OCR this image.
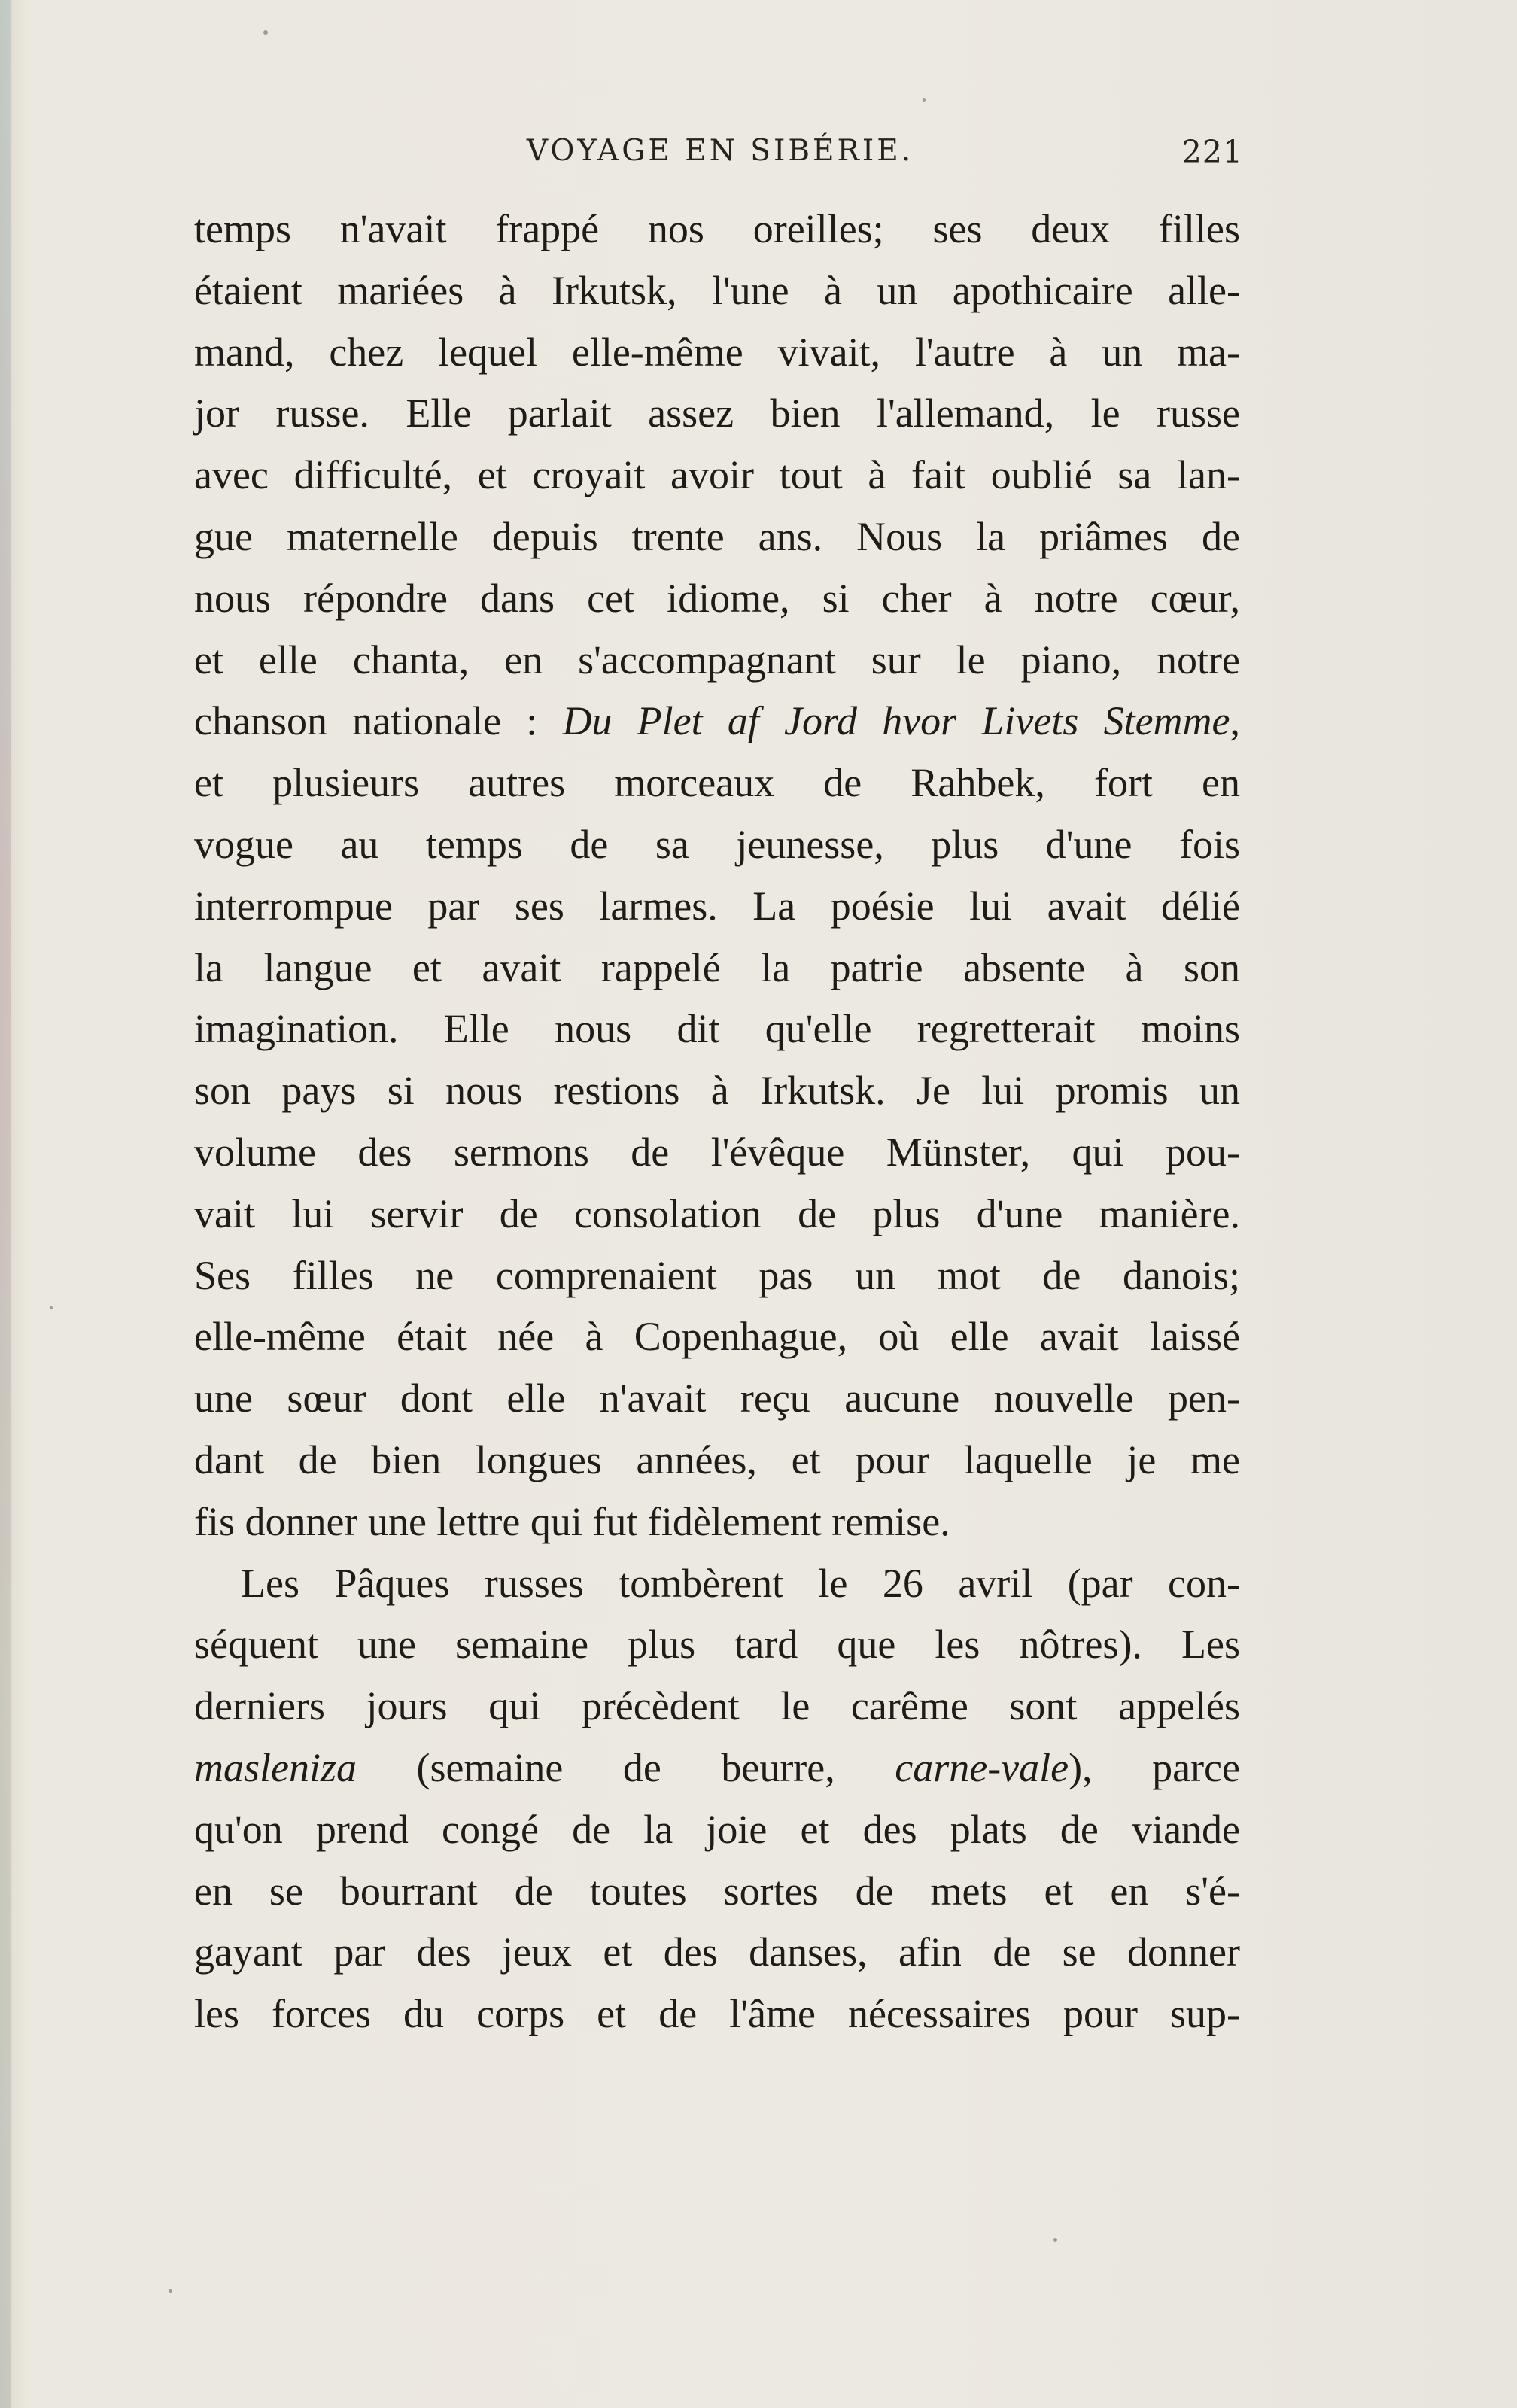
VOYAGE EN SIBÉRIE.	221
temps n'avait frappé nos oreilles; ses deux filles
étaient mariées à Irkutsk, l'une à un apothicaire alle-
mand, chez lequel elle-même vivait, l'autre à un ma-
jor russe. Elle parlait assez bien l'allemand, le russe
avec difficulté, et croyait avoir tout à fait oublié sa lan-
gue maternelle depuis trente ans. Nous la priâmes de
nous répondre dans cet idiome, si cher à notre cœur,
et elle chanta, en s'accompagnant sur le piano, notre
chanson nationale : Du Plet af Jord hvor Livets Stemme,
et plusieurs autres morceaux de Rahbek, fort en
vogue au temps de sa jeunesse, plus d'une fois
interrompue par ses larmes. La poésie lui avait délié
la langue et avait rappelé la patrie absente à son
imagination. Elle nous dit qu'elle regretterait moins
son pays si nous restions à Irkutsk. Je lui promis un
volume des sermons de l'évêque Münster, qui pou-
vait lui servir de consolation de plus d'une manière.
Ses filles ne comprenaient pas un mot de danois;
elle-même était née à Copenhague, où elle avait laissé
une sœur dont elle n'avait reçu aucune nouvelle pen-
dant de bien longues années, et pour laquelle je me
fis donner une lettre qui fut fidèlement remise.
Les Pâques russes tombèrent le 26 avril (par con-
séquent une semaine plus tard que les nôtres). Les
derniers jours qui précèdent le carême sont appelés
masleniza (semaine de beurre, carne-vale), parce
qu'on prend congé de la joie et des plats de viande
en se bourrant de toutes sortes de mets et en s'é-
gayant par des jeux et des danses, afin de se donner
les forces du corps et de l'âme nécessaires pour sup-
